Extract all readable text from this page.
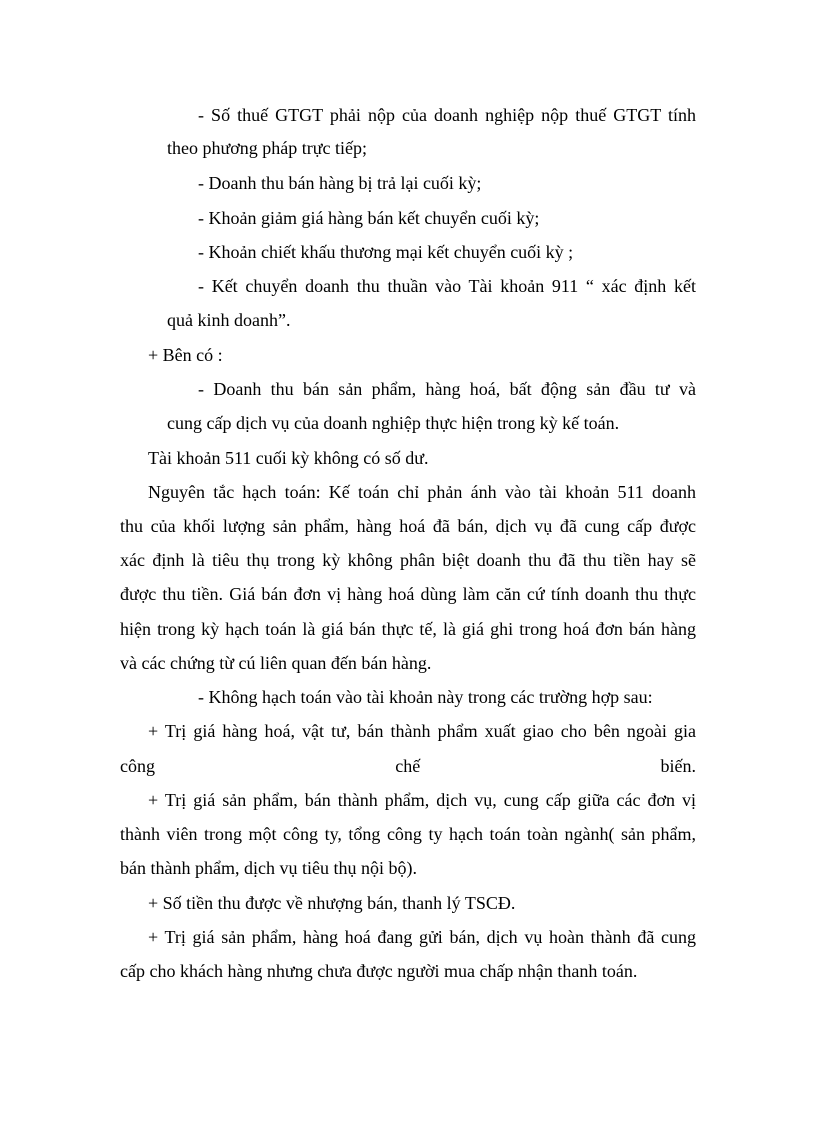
- Số thuế GTGT phải nộp của doanh nghiệp nộp thuế GTGT tính
theo phương pháp trực tiếp;
- Doanh thu bán hàng bị trả lại cuối kỳ;
- Khoản giảm giá hàng bán kết chuyển cuối kỳ;
- Khoản chiết khấu thương mại kết chuyển cuối kỳ ;
- Kết chuyển doanh thu thuần vào Tài khoản 911 “ xác định kết
quả kinh doanh”.
+ Bên có :
- Doanh thu bán sản phẩm, hàng hoá, bất động sản đầu tư và
cung cấp dịch vụ của doanh nghiệp thực hiện trong kỳ kế toán.
Tài khoản 511 cuối kỳ không có số dư.
Nguyên tắc hạch toán: Kế toán chỉ phản ánh vào tài khoản 511 doanh
thu của khối lượng sản phẩm, hàng hoá đã bán, dịch vụ đã cung cấp được
xác định là tiêu thụ trong kỳ không phân biệt doanh thu đã thu tiền hay sẽ
được thu tiền. Giá bán đơn vị hàng hoá dùng làm căn cứ tính doanh thu thực
hiện trong kỳ hạch toán là giá bán thực tế, là giá ghi trong hoá đơn bán hàng
và các chứng từ cú liên quan đến bán hàng.
- Không hạch toán vào tài khoản này trong các trường hợp sau:
+ Trị giá hàng hoá, vật tư, bán thành phẩm xuất giao cho bên ngoài gia
công chế biến.
+ Trị giá sản phẩm, bán thành phẩm, dịch vụ, cung cấp giữa các đơn vị
thành viên trong một công ty, tổng công ty hạch toán toàn ngành( sản phẩm,
bán thành phẩm, dịch vụ tiêu thụ nội bộ).
+ Số tiền thu được về nhượng bán, thanh lý TSCĐ.
+ Trị giá sản phẩm, hàng hoá đang gửi bán, dịch vụ hoàn thành đã cung
cấp cho khách hàng nhưng chưa được người mua chấp nhận thanh toán.
